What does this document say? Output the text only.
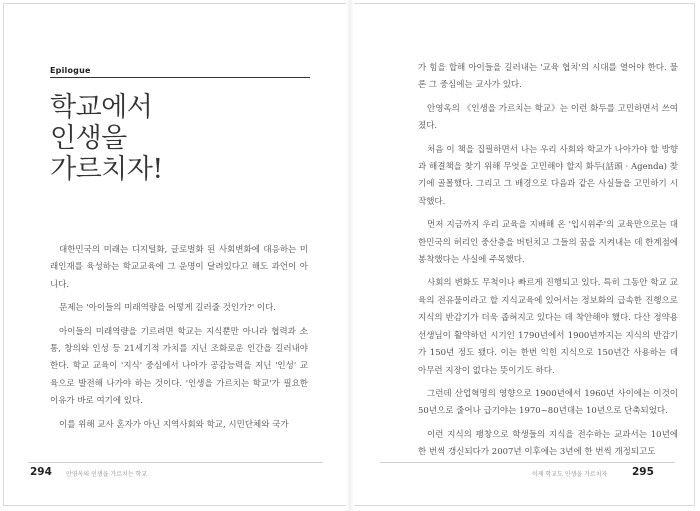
Epilogue
학교에서
인생을
가르치자!

대한민국의 미래는 디지털화, 글로벌화 된 사회변화에 대응하는 미래인재를 육성하는 학교교육에 그 운명이 달려있다고 해도 과언이 아니다.

문제는 '아이들의 미래역량을 어떻게 길러줄 것인가?' 이다.

아이들의 미래역량을 기르려면 학교는 지식뿐만 아니라 협력과 소통, 창의와 인성 등 21세기적 가치를 지닌 조화로운 인간을 길러내야 한다. 학교 교육이 '지식' 중심에서 나아가 공감능력을 지닌 '인성' 교육으로 발전해 나가야 하는 것이다. '인생을 가르치는 학교'가 필요한 이유가 바로 여기에 있다.

이를 위해 교사 혼자가 아닌 지역사회와 학교, 시민단체와 국가

가 힘을 합해 아이들을 길러내는 '교육 협치'의 시대를 열어야 한다. 물론 그 중심에는 교사가 있다.

안영옥의 《인생을 가르치는 학교》는 이런 화두를 고민하면서 쓰여졌다.

처음 이 책을 집필하면서 나는 우리 사회와 학교가 나아가야 할 방향과 해결책을 찾기 위해 무엇을 고민해야 할지 화두(話頭 · Agenda) 찾기에 골몰했다. 그리고 그 배경으로 다음과 같은 사실들을 고민하기 시작했다.

먼저 지금까지 우리 교육을 지배해 온 '입시위주'의 교육만으로는 대한민국의 허리인 중산층을 버틴치고 그들의 꿈을 지켜내는 데 한계점에 봉착했다는 사실에 주목했다.

사회의 변화도 무척이나 빠르게 진행되고 있다. 특히 그동안 학교 교육의 전유물이라고 할 지식교육에 있어서는 정보화의 급속한 진행으로 지식의 반감기가 더욱 좁혀지고 있다는 데 착안해야 했다. 다산 정약용 선생님이 활약하던 시기인 1790년에서 1900년까지는 지식의 반감기가 150년 정도 됐다. 이는 한번 익힌 지식으로 150년간 사용하는 데 아무런 지장이 없다는 뜻이기도 하다.

그런데 산업혁명의 영향으로 1900년에서 1960년 사이에는 이것이 50년으로 줄어나 급기야는 1970~80년대는 10년으로 단축되었다.

이런 지식의 팽창으로 학생들의 지식을 전수하는 교과서는 10년에 한 번씩 갱신되다가 2007년 이후에는 3년에 한 번씩 개정되고도

294 안영옥의 인생을 가르치는 학교	이제 학교도 인생을 가르치자 295
